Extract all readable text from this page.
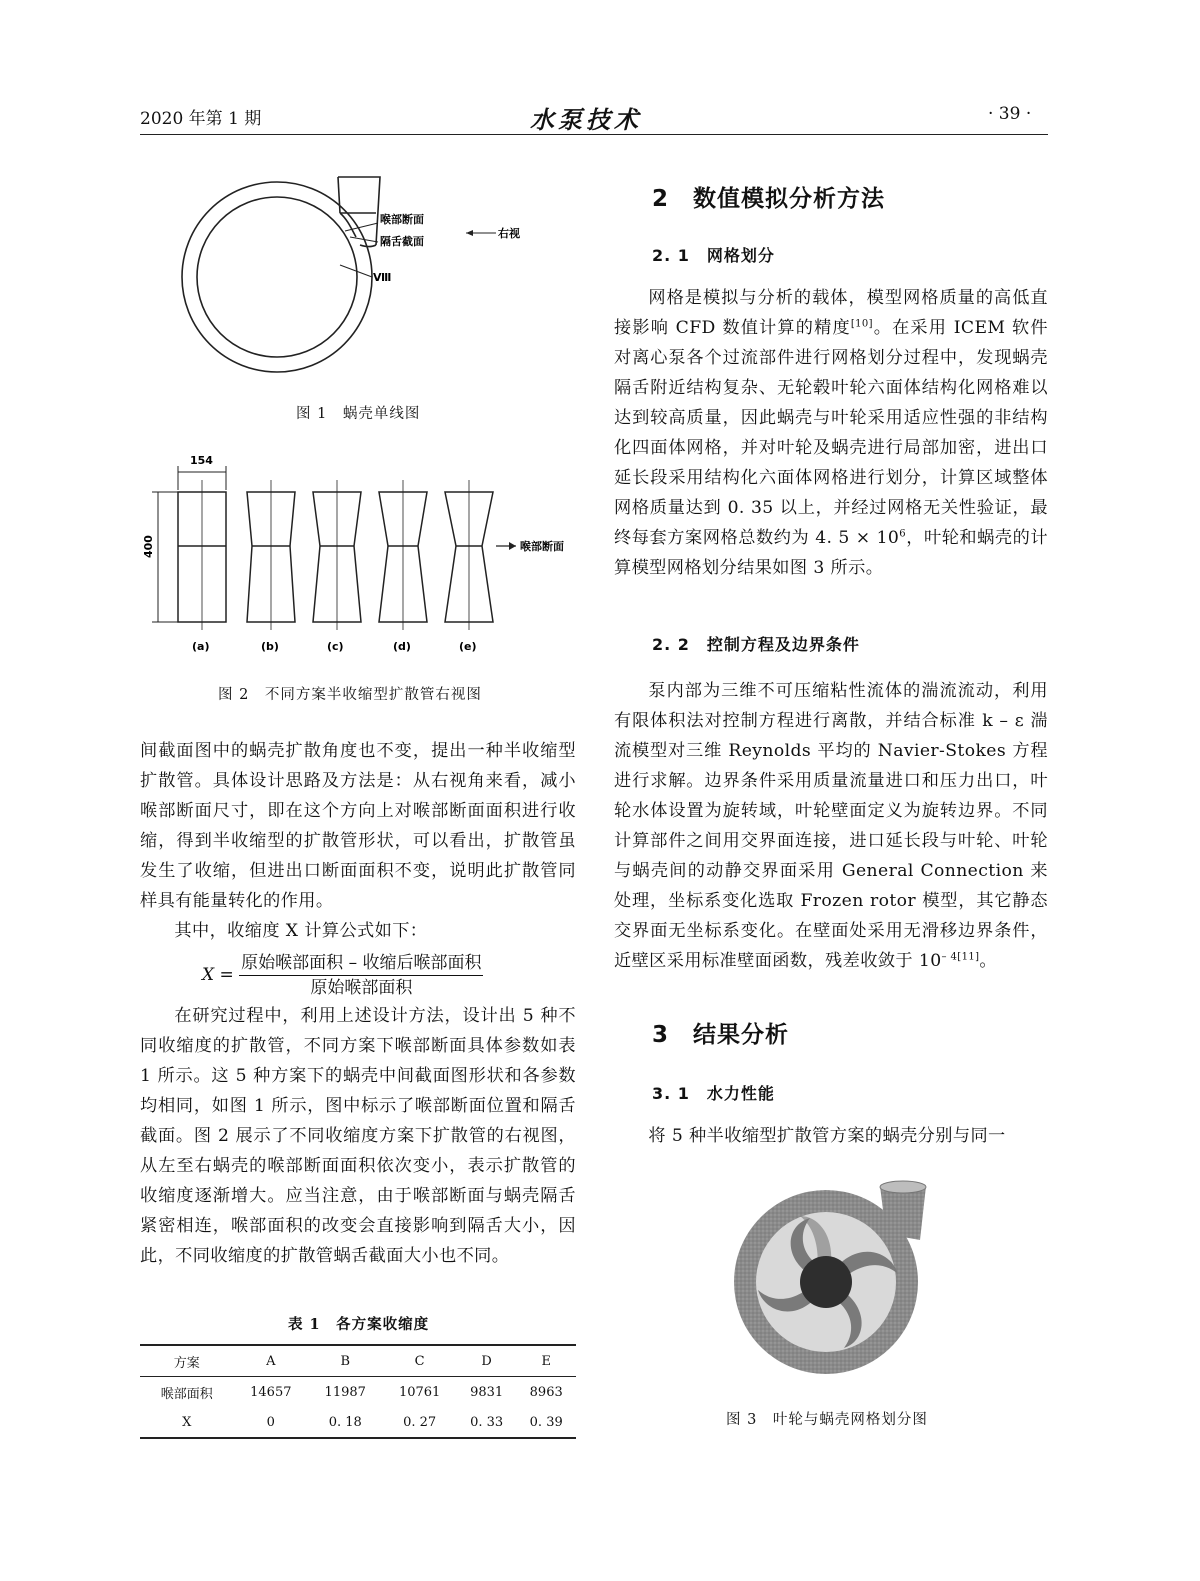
2020 年第 1 期	水泵技术	· 39 ·
喉部断面
隔舌截面
Ⅷ
右视
图 1　蜗壳单线图
154
400	喉部断面
(a)	(b)	(c)	(d)	(e)
图 2　不同方案半收缩型扩散管右视图

间截面图中的蜗壳扩散角度也不变，提出一种半收缩型扩散管。具体设计思路及方法是：从右视角来看，减小喉部断面尺寸，即在这个方向上对喉部断面面积进行收缩，得到半收缩型的扩散管形状，可以看出，扩散管虽发生了收缩，但进出口断面面积不变，说明此扩散管同样具有能量转化的作用。

其中，收缩度 X 计算公式如下：

$X = \frac{\text{原始喉部面积 – 收缩后喉部面积}}{\text{原始喉部面积}}$

在研究过程中，利用上述设计方法，设计出 5 种不同收缩度的扩散管，不同方案下喉部断面具体参数如表 1 所示。这 5 种方案下的蜗壳中间截面图形状和各参数均相同，如图 1 所示，图中标示了喉部断面位置和隔舌截面。图 2 展示了不同收缩度方案下扩散管的右视图，从左至右蜗壳的喉部断面面积依次变小，表示扩散管的收缩度逐渐增大。应当注意，由于喉部断面与蜗壳隔舌紧密相连，喉部面积的改变会直接影响到隔舌大小，因此，不同收缩度的扩散管蜗舌截面大小也不同。

表 1　各方案收缩度
方案	A	B	C	D	E
喉部面积	14657	11987	10761	9831	8963
X	0	0. 18	0. 27	0. 33	0. 39
2　数值模拟分析方法
2. 1　网格划分

网格是模拟与分析的载体，模型网格质量的高低直接影响 CFD 数值计算的精度[10]。在采用 ICEM 软件对离心泵各个过流部件进行网格划分过程中，发现蜗壳隔舌附近结构复杂、无轮毂叶轮六面体结构化网格难以达到较高质量，因此蜗壳与叶轮采用适应性强的非结构化四面体网格，并对叶轮及蜗壳进行局部加密，进出口延长段采用结构化六面体网格进行划分，计算区域整体网格质量达到 0. 35 以上，并经过网格无关性验证，最终每套方案网格总数约为 4. $5 \times 10^6$，叶轮和蜗壳的计算模型网格划分结果如图 3 所示。

2. 2　控制方程及边界条件

泵内部为三维不可压缩粘性流体的湍流流动，利用有限体积法对控制方程进行离散，并结合标准 k – ε 湍流模型对三维 Reynolds 平均的 Navier-Stokes 方程进行求解。边界条件采用质量流量进口和压力出口，叶轮水体设置为旋转域，叶轮壁面定义为旋转边界。不同计算部件之间用交界面连接，进口延长段与叶轮、叶轮与蜗壳间的动静交界面采用 General Connection 来处理，坐标系变化选取 Frozen rotor 模型，其它静态交界面无坐标系变化。在壁面处采用无滑移边界条件，近壁区采用标准壁面函数，残差收敛于 $10^{- 4[11]}$。

3　结果分析
3. 1　水力性能

将 5 种半收缩型扩散管方案的蜗壳分别与同一

图 3　叶轮与蜗壳网格划分图
